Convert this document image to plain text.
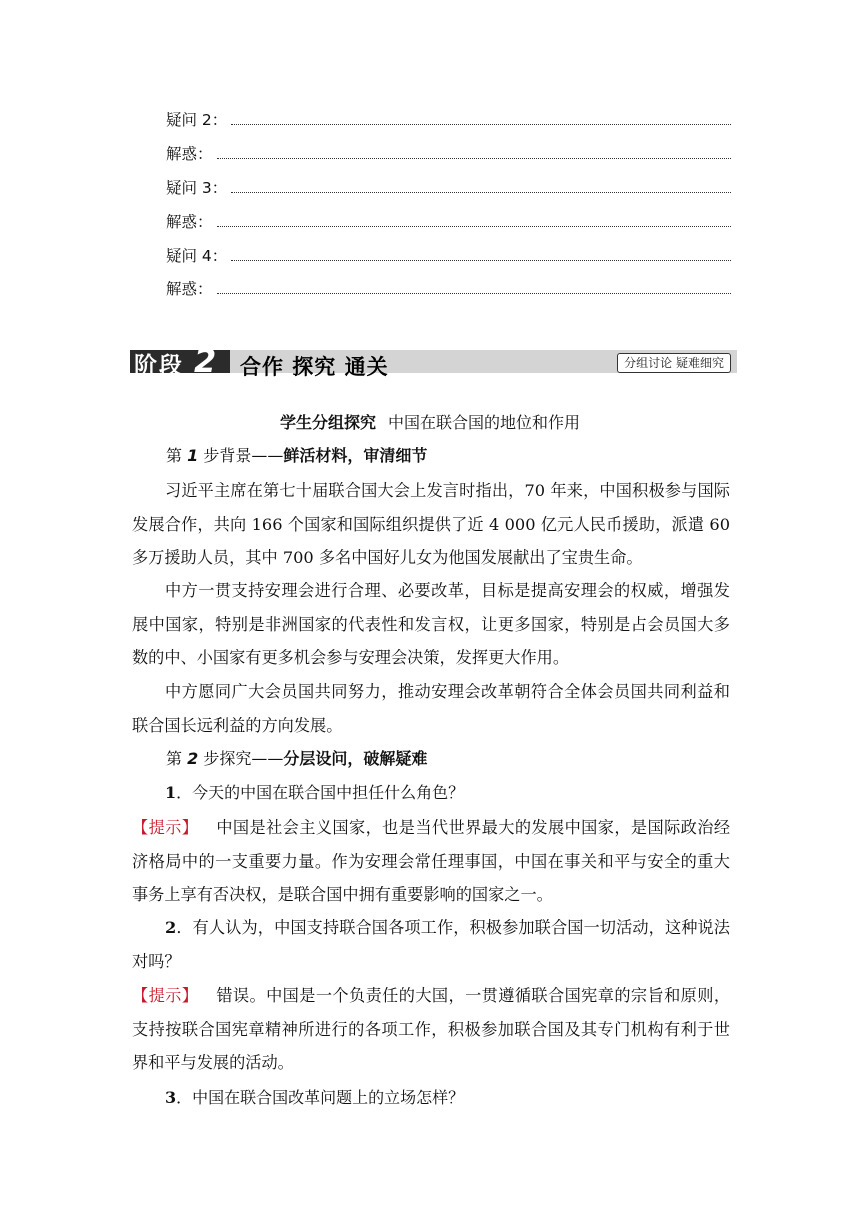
疑问 2：
解惑：
疑问 3：
解惑：
疑问 4：
解惑：
阶段 2 合作 探究 通关	分组讨论 疑难细究
学生分组探究 中国在联合国的地位和作用
第 1 步背景——鲜活材料，审清细节

习近平主席在第七十届联合国大会上发言时指出，70 年来，中国积极参与国际发展合作，共向 166 个国家和国际组织提供了近 4 000 亿元人民币援助，派遣 60 多万援助人员，其中 700 多名中国好儿女为他国发展献出了宝贵生命。

中方一贯支持安理会进行合理、必要改革，目标是提高安理会的权威，增强发展中国家，特别是非洲国家的代表性和发言权，让更多国家，特别是占会员国大多数的中、小国家有更多机会参与安理会决策，发挥更大作用。

中方愿同广大会员国共同努力，推动安理会改革朝符合全体会员国共同利益和联合国长远利益的方向发展。

第 2 步探究——分层设问，破解疑难
1．今天的中国在联合国中担任什么角色？

【提示】 中国是社会主义国家，也是当代世界最大的发展中国家，是国际政治经济格局中的一支重要力量。作为安理会常任理事国，中国在事关和平与安全的重大事务上享有否决权，是联合国中拥有重要影响的国家之一。

2．有人认为，中国支持联合国各项工作，积极参加联合国一切活动，这种说法对吗？

【提示】 错误。中国是一个负责任的大国，一贯遵循联合国宪章的宗旨和原则，支持按联合国宪章精神所进行的各项工作，积极参加联合国及其专门机构有利于世界和平与发展的活动。

3．中国在联合国改革问题上的立场怎样？
